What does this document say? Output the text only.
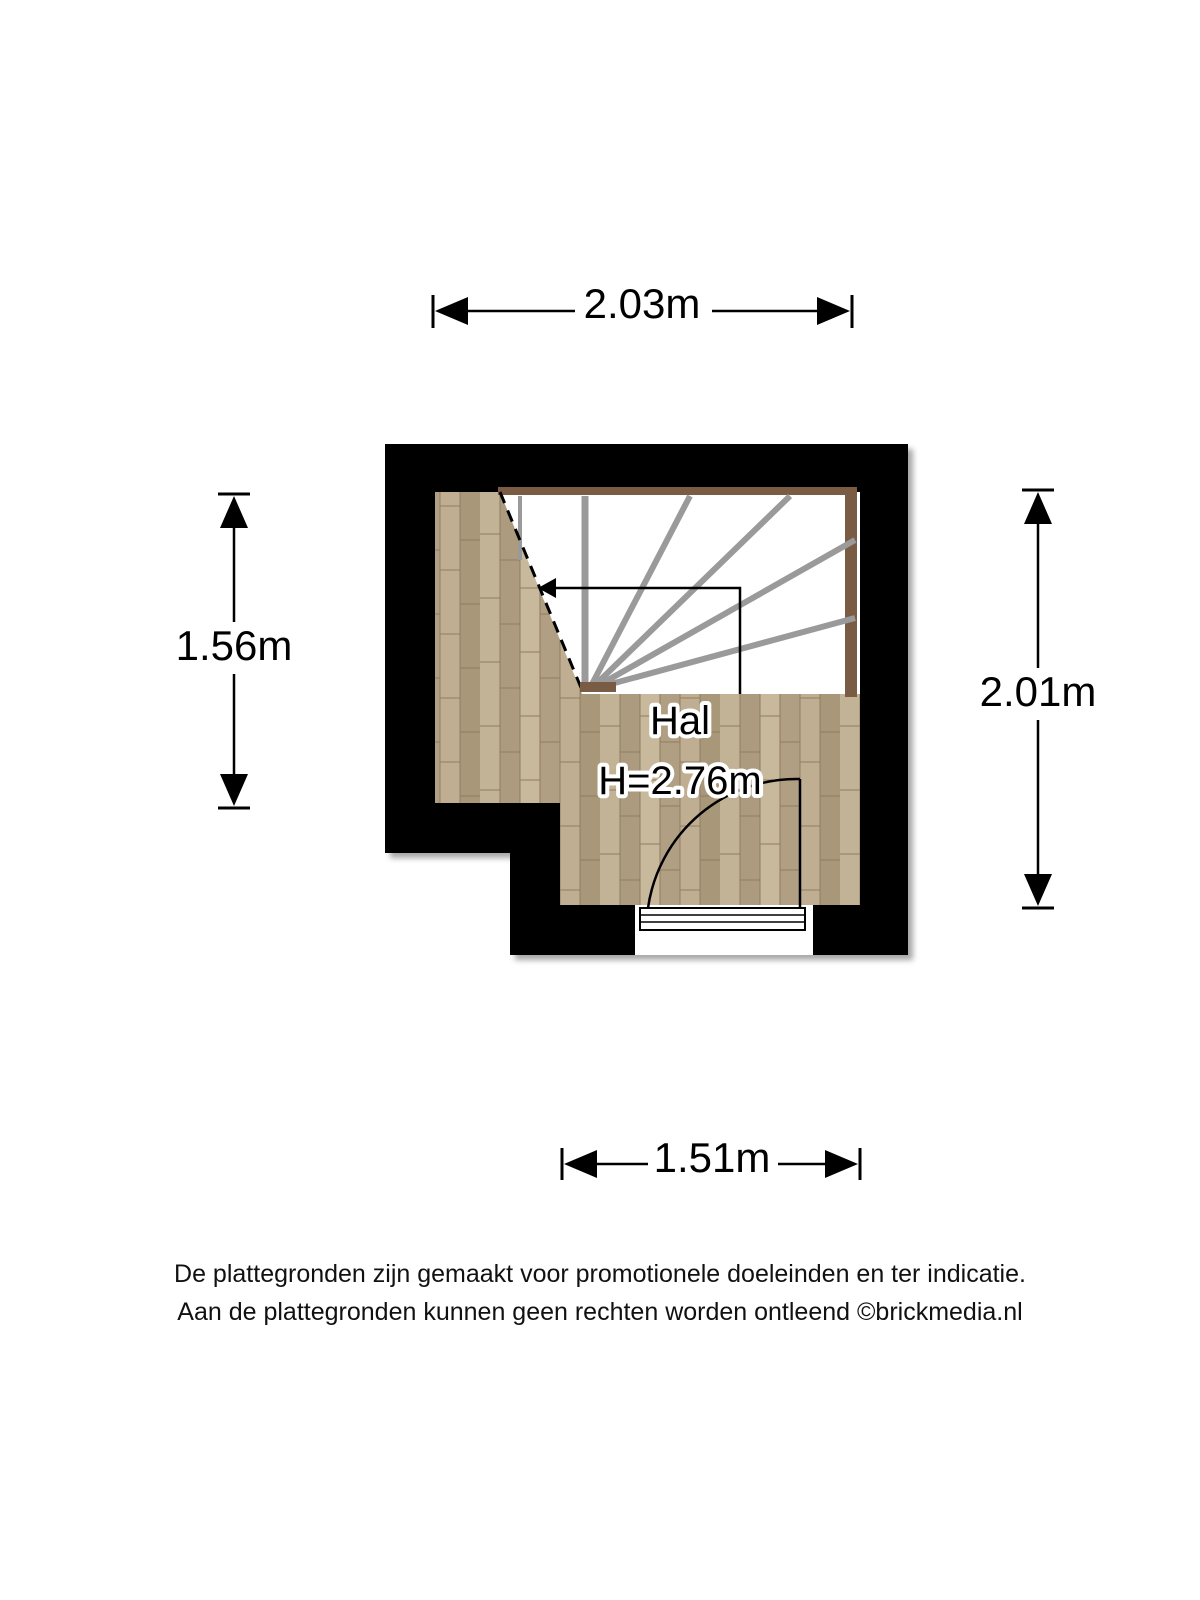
2.03m
1.56m
2.01m
1.51m
Hal
H=2.76m
De plattegronden zijn gemaakt voor promotionele doeleinden en ter indicatie.
Aan de plattegronden kunnen geen rechten worden ontleend ©brickmedia.nl
